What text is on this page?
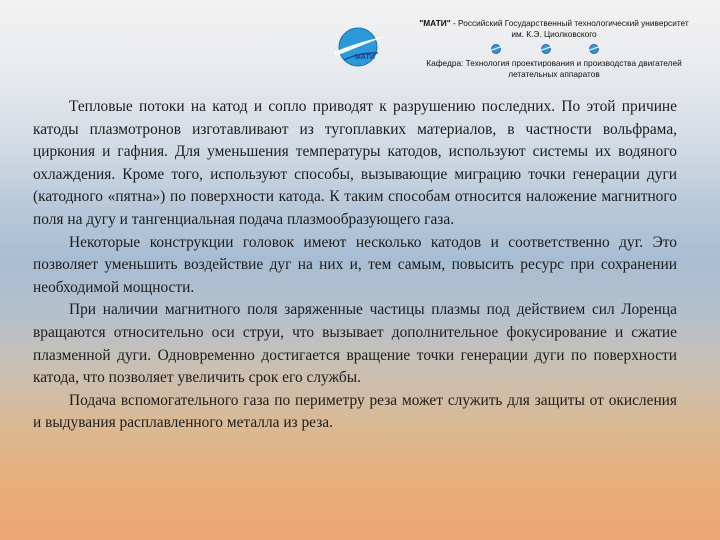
МАТИ
"МАТИ" - Российский Государственный технологический университет
им. К.Э. Циолковского
Кафедра: Технология проектирования и производства двигателей
летательных аппаратов

Тепловые потоки на катод и сопло приводят к разрушению последних. По этой причине катоды плазмотронов изготавливают из тугоплавких материалов, в частности вольфрама, циркония и гафния. Для уменьшения температуры катодов, используют системы их водяного охлаждения. Кроме того, используют способы, вызывающие миграцию точки генерации дуги (катодного «пятна») по поверхности катода. К таким способам относится наложение магнитного поля на дугу и тангенциальная подача плазмообразующего газа.

Некоторые конструкции головок имеют несколько катодов и соответственно дуг. Это позволяет уменьшить воздействие дуг на них и, тем самым, повысить ресурс при сохранении необходимой мощности.

При наличии магнитного поля заряженные частицы плазмы под действием сил Лоренца вращаются относительно оси струи, что вызывает дополнительное фокусирование и сжатие плазменной дуги. Одновременно достигается вращение точки генерации дуги по поверхности катода, что позволяет увеличить срок его службы.

Подача вспомогательного газа по периметру реза может служить для защиты от окисления и выдувания расплавленного металла из реза.
